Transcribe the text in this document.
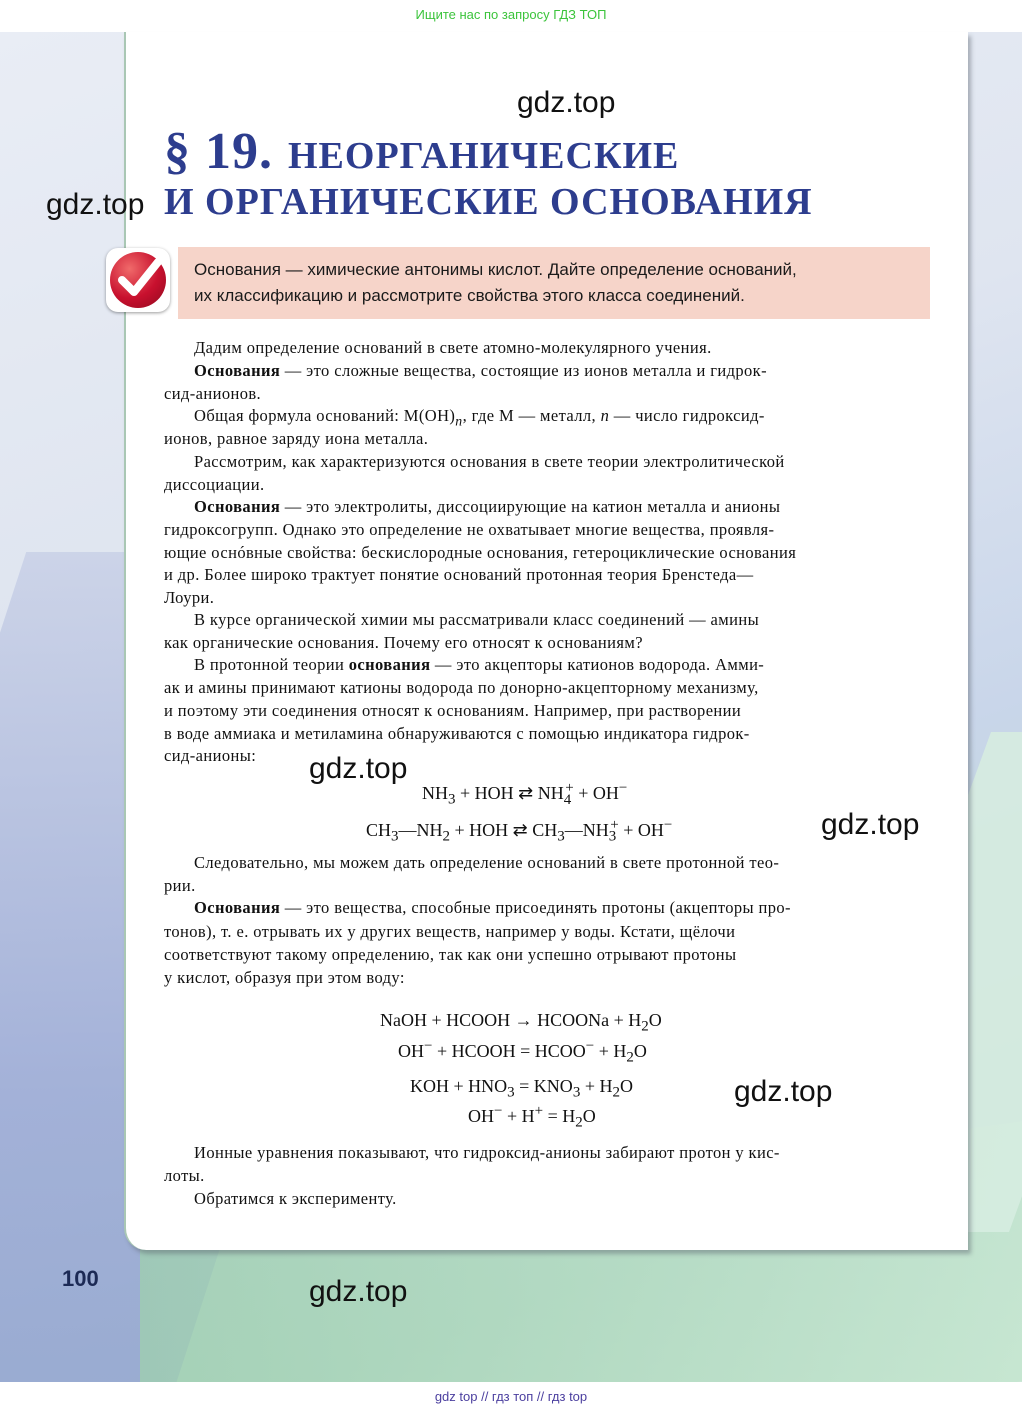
Ищите нас по запросу ГДЗ ТОП
§ 19. НЕОРГАНИЧЕСКИЕ
И ОРГАНИЧЕСКИЕ ОСНОВАНИЯ
Основания — химические антонимы кислот. Дайте определение оснований,
их классификацию и рассмотрите свойства этого класса соединений.
Дадим определение оснований в свете атомно-молекулярного учения.
Основания — это сложные вещества, состоящие из ионов металла и гидрок-
сид-анионов.
Общая формула оснований: $M(OH)_n$, где M — металл, n — число гидроксид-
ионов, равное заряду иона металла.
Рассмотрим, как характеризуются основания в свете теории электролитической
диссоциации.
Основания — это электролиты, диссоциирующие на катион металла и анионы
гидроксогрупп. Однако это определение не охватывает многие вещества, проявля-
ющие оснóвные свойства: бескислородные основания, гетероциклические основания
и др. Более широко трактует понятие оснований протонная теория Бренстеда—
Лоури.
В курсе органической химии мы рассматривали класс соединений — амины
как органические основания. Почему его относят к основаниям?
В протонной теории основания — это акцепторы катионов водорода. Амми-
ак и амины принимают катионы водорода по донорно-акцепторному механизму,
и поэтому эти соединения относят к основаниям. Например, при растворении
в воде аммиака и метиламина обнаруживаются с помощью индикатора гидрок-
сид-анионы:
$NH_3$ + HOH ⇄ $NH_4^+ + OH^-$
$CH_3—NH_2$ + HOH ⇄ $CH_3—NH_3^+ + OH^-$
Следовательно, мы можем дать определение оснований в свете протонной тео-
рии.
Основания — это вещества, способные присоединять протоны (акцепторы про-
тонов), т. е. отрывать их у других веществ, например у воды. Кстати, щёлочи
соответствуют такому определению, так как они успешно отрывают протоны
у кислот, образуя при этом воду:
NaOH + HCOOH → HCOONa + $H_2O$
OH− + HCOOH = HCOO− + $H_2O$
KOH + $HNO_3 = KNO_3 + H_2O$
$OH^- + H^+ = H_2O$
Ионные уравнения показывают, что гидроксид-анионы забирают протон у кис-
лоты.
Обратимся к эксперименту.
gdz.top
gdz.top
gdz.top
gdz.top
gdz.top
gdz.top
100
gdz top // гдз топ // гдз top
